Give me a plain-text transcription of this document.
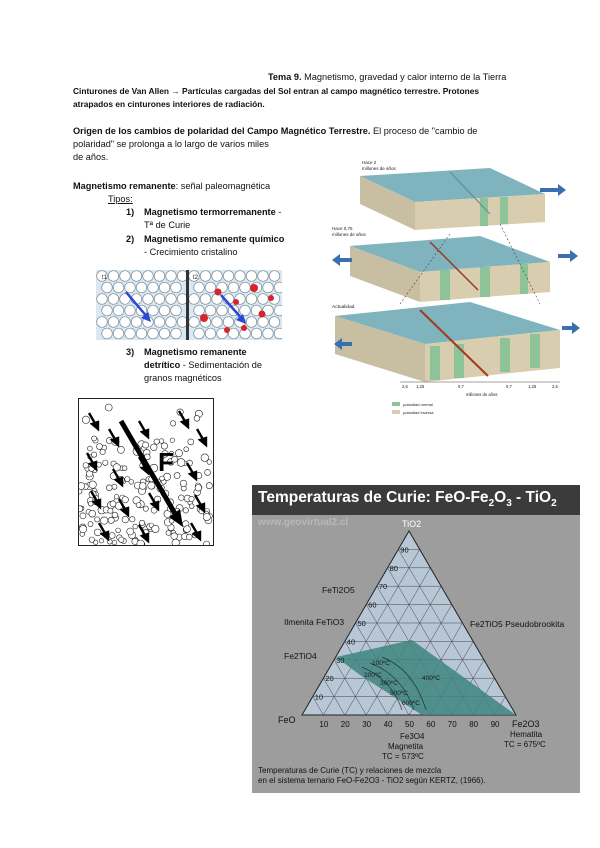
Tema 9. Magnetismo, gravedad y calor interno de la Tierra
Cinturones de Van Allen → Partículas cargadas del Sol entran al campo magnético terrestre. Protones
atrapados en cinturones interiores de radiación.
Origen de los cambios de polaridad del Campo Magnético Terrestre. El proceso de "cambio de
polaridad" se prolonga a lo largo de varios miles
de años.
Magnetismo remanente: señal paleomagnética
Tipos:
1) Magnetismo termorremanente -
Tª de Curie
2) Magnetismo remanente químico
- Crecimiento cristalino
3) Magnetismo remanente
detrítico - Sedimentación de
granos magnéticos
t1	t2
F
Hace 2
millones de años
Hace 0,75
millones de años
Actualidad
2,5 1,25	0,7	0,7	1,25	2,5
millones de años
polaridad normal
polaridad inversa
Temperaturas de Curie: FeO-$Fe_2O_3 - TiO_2$
www.geovirtual2.cl
100ºC
200ºC
300ºC
400ºC
500ºC
600ºC
TiO2
FeO	Fe2O3
FeTi2O5
Ilmenita FeTiO3
Fe2TiO4
Fe2TiO5 Pseudobrookita
10 20 30 40 50 60 70 80 90
10
20
30
40
50
60
70
80
90
Fe3O4
Magnetita
TC = 573ºC
Hematita
TC = 675ºC
Temperaturas de Curie (TC) y relaciones de mezcla
en el sistema ternario FeO-Fe2O3 - TiO2 según KERTZ, (1966).
